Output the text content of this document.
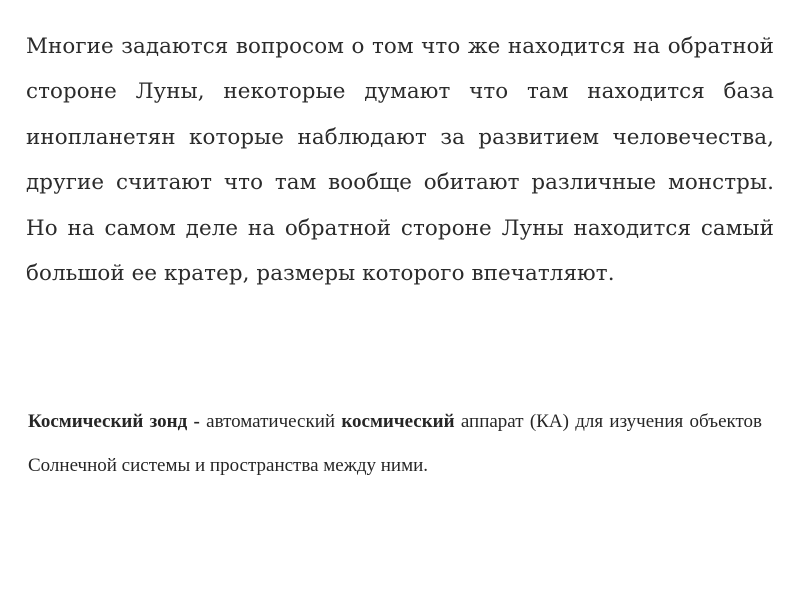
Многие задаются вопросом о том что же находится на обратной стороне Луны, некоторые думают что там находится база инопланетян которые наблюдают за развитием человечества, другие считают что там вообще обитают различные монстры. Но на самом деле на обратной стороне Луны находится самый большой ее кратер, размеры которого впечатляют.

Космический зонд - автоматический космический аппарат (КА) для изучения объектов Солнечной системы и пространства между ними.
